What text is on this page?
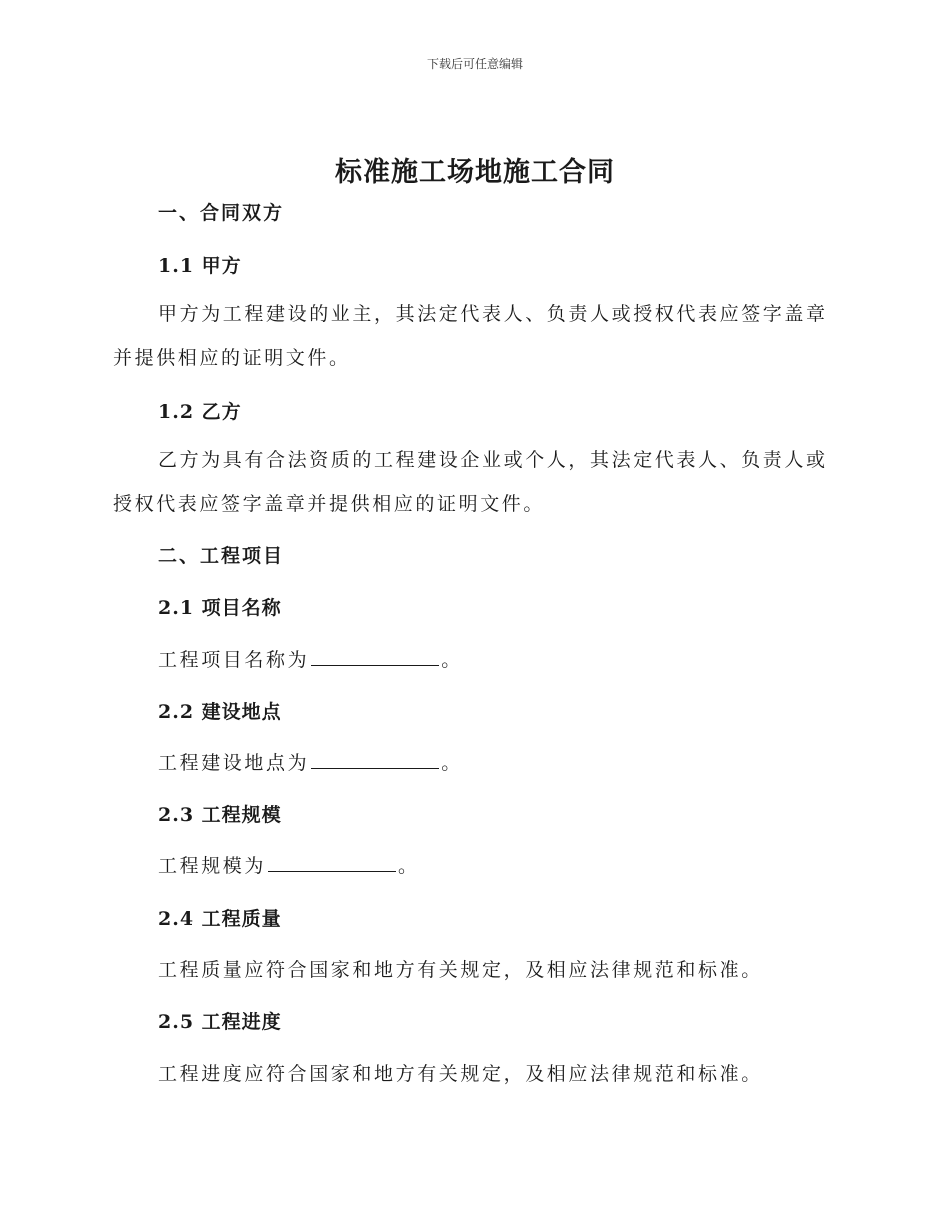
下载后可任意编辑
标准施工场地施工合同
一、合同双方
1.1 甲方
甲方为工程建设的业主，其法定代表人、负责人或授权代表应签字盖章并提供相应的证明文件。
1.2 乙方
乙方为具有合法资质的工程建设企业或个人，其法定代表人、负责人或授权代表应签字盖章并提供相应的证明文件。
二、工程项目
2.1 项目名称
工程项目名称为	。
2.2 建设地点
工程建设地点为	。
2.3 工程规模
工程规模为	。
2.4 工程质量
工程质量应符合国家和地方有关规定，及相应法律规范和标准。
2.5 工程进度
工程进度应符合国家和地方有关规定，及相应法律规范和标准。
